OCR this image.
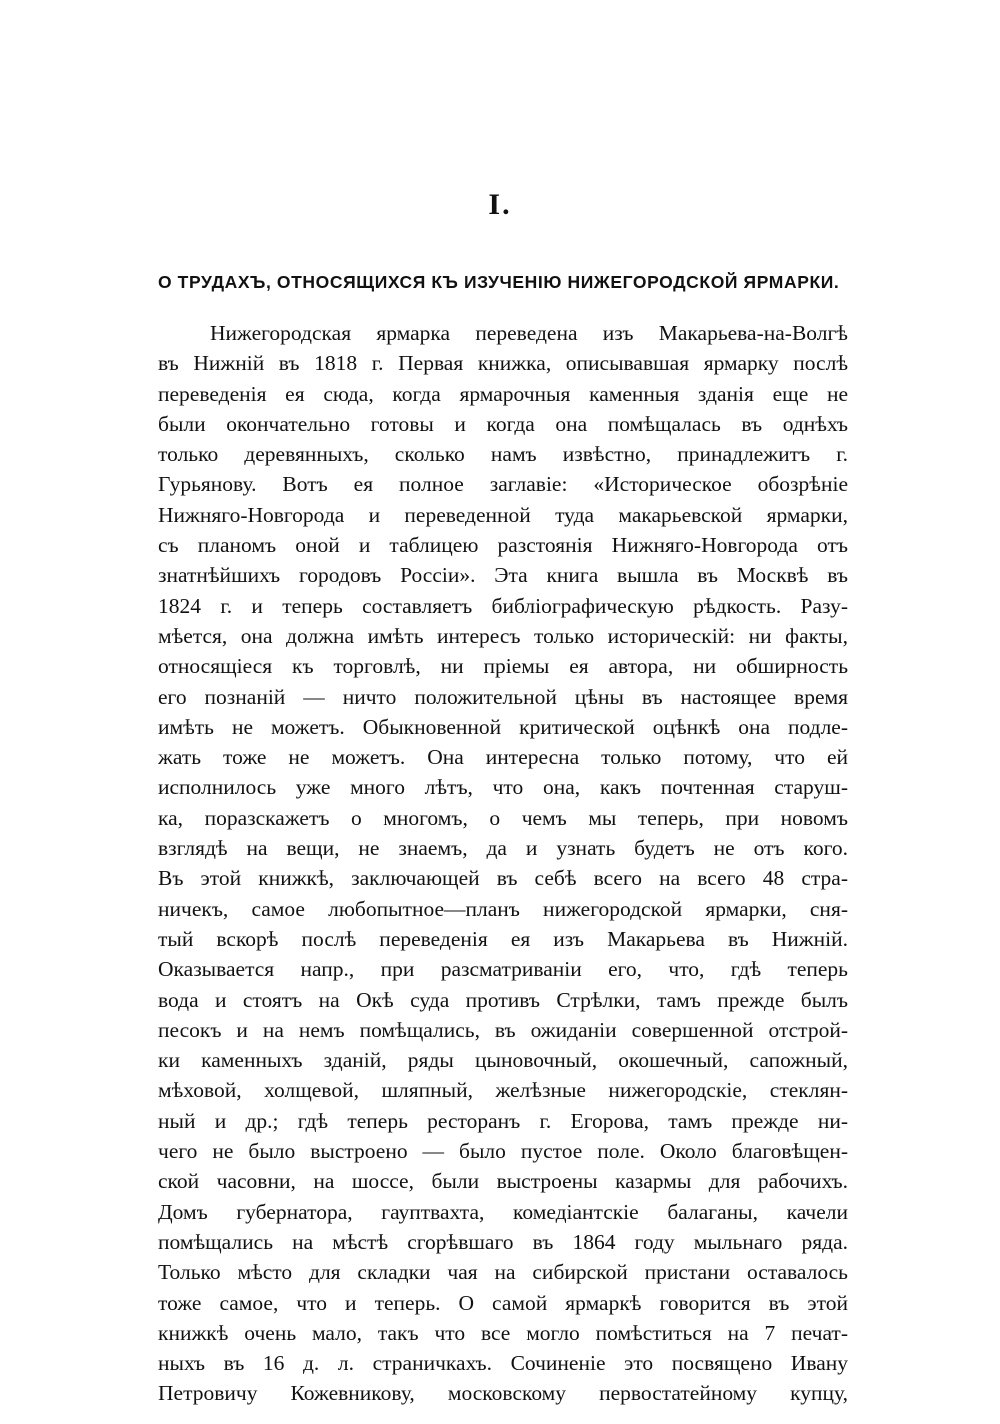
I.
О ТРУДАХЪ, ОТНОСЯЩИХСЯ КЪ ИЗУЧЕНІЮ НИЖЕГОРОДСКОЙ ЯРМАРКИ.
Нижегородская ярмарка переведена изъ Макарьева-на-Волгѣ
въ Нижній въ 1818 г. Первая книжка, описывавшая ярмарку послѣ
переведенія ея сюда, когда ярмарочныя каменныя зданія еще не
были окончательно готовы и когда она помѣщалась въ однѣхъ
только деревянныхъ, сколько намъ извѣстно, принадлежитъ г.
Гурьянову. Вотъ ея полное заглавіе: «Историческое обозрѣніе
Нижняго-Новгорода и переведенной туда макарьевской ярмарки,
съ планомъ оной и таблицею разстоянія Нижняго-Новгорода отъ
знатнѣйшихъ городовъ Россіи». Эта книга вышла въ Москвѣ въ
1824 г. и теперь составляетъ библіографическую рѣдкость. Разу-
мѣется, она должна имѣть интересъ только историческій: ни факты,
относящіеся къ торговлѣ, ни пріемы ея автора, ни обширность
его познаній — ничто положительной цѣны въ настоящее время
имѣть не можетъ. Обыкновенной критической оцѣнкѣ она подле-
жать тоже не можетъ. Она интересна только потому, что ей
исполнилось уже много лѣтъ, что она, какъ почтенная старуш-
ка, поразскажетъ о многомъ, о чемъ мы теперь, при новомъ
взглядѣ на вещи, не знаемъ, да и узнать будетъ не отъ кого.
Въ этой книжкѣ, заключающей въ себѣ всего на всего 48 стра-
ничекъ, самое любопытное—планъ нижегородской ярмарки, сня-
тый вскорѣ послѣ переведенія ея изъ Макарьева въ Нижній.
Оказывается напр., при разсматриваніи его, что, гдѣ теперь
вода и стоятъ на Окѣ суда противъ Стрѣлки, тамъ прежде былъ
песокъ и на немъ помѣщались, въ ожиданіи совершенной отстрой-
ки каменныхъ зданій, ряды цыновочный, окошечный, сапожный,
мѣховой, холщевой, шляпный, желѣзные нижегородскіе, стеклян-
ный и др.; гдѣ теперь ресторанъ г. Егорова, тамъ прежде ни-
чего не было выстроено — было пустое поле. Около благовѣщен-
ской часовни, на шоссе, были выстроены казармы для рабочихъ.
Домъ губернатора, гауптвахта, комедіантскіе балаганы, качели
помѣщались на мѣстѣ сгорѣвшаго въ 1864 году мыльнаго ряда.
Только мѣсто для складки чая на сибирской пристани оставалось
тоже самое, что и теперь. О самой ярмаркѣ говорится въ этой
книжкѣ очень мало, такъ что все могло помѣститься на 7 печат-
ныхъ въ 16 д. л. страничкахъ. Сочиненіе это посвящено Ивану
Петровичу Кожевникову, московскому первостатейному купцу,
